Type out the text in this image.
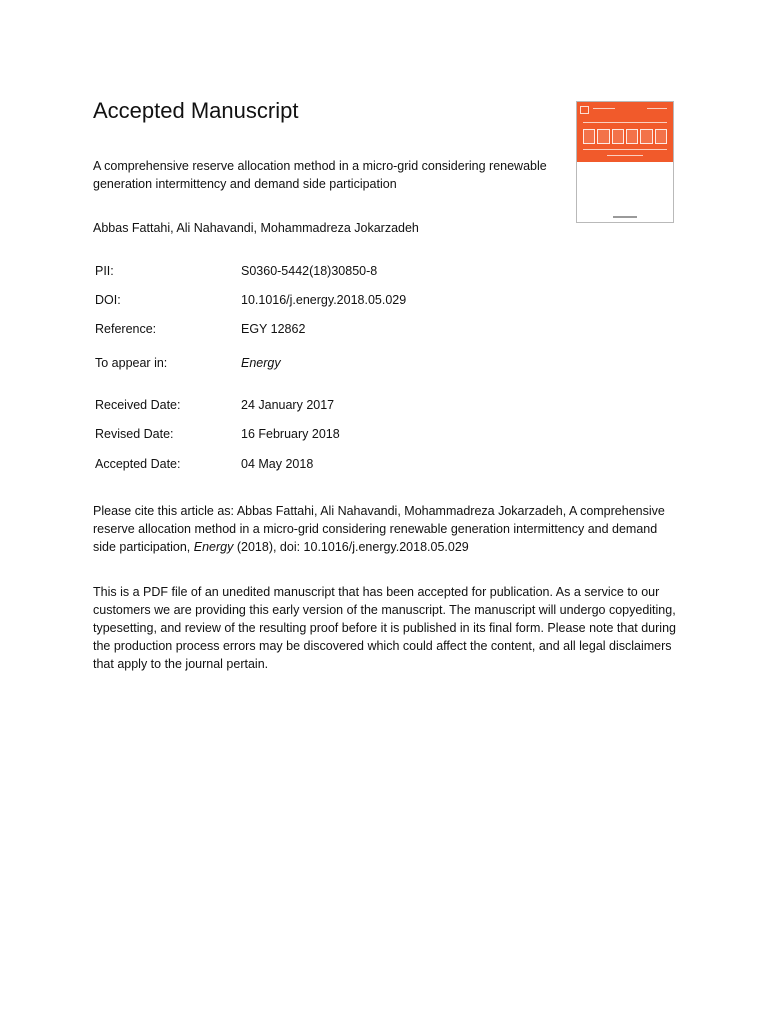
Accepted Manuscript

A comprehensive reserve allocation method in a micro-grid considering renewable generation intermittency and demand side participation

Abbas Fattahi, Ali Nahavandi, Mohammadreza Jokarzadeh
PII:	S0360-5442(18)30850-8
DOI:	10.1016/j.energy.2018.05.029
Reference:	EGY 12862
To appear in:	Energy
Received Date:	24 January 2017
Revised Date:	16 February 2018
Accepted Date:	04 May 2018

Please cite this article as: Abbas Fattahi, Ali Nahavandi, Mohammadreza Jokarzadeh, A comprehensive reserve allocation method in a micro-grid considering renewable generation intermittency and demand side participation, Energy (2018), doi: 10.1016/j.energy.2018.05.029

This is a PDF file of an unedited manuscript that has been accepted for publication. As a service to our customers we are providing this early version of the manuscript. The manuscript will undergo copyediting, typesetting, and review of the resulting proof before it is published in its final form. Please note that during the production process errors may be discovered which could affect the content, and all legal disclaimers that apply to the journal pertain.
